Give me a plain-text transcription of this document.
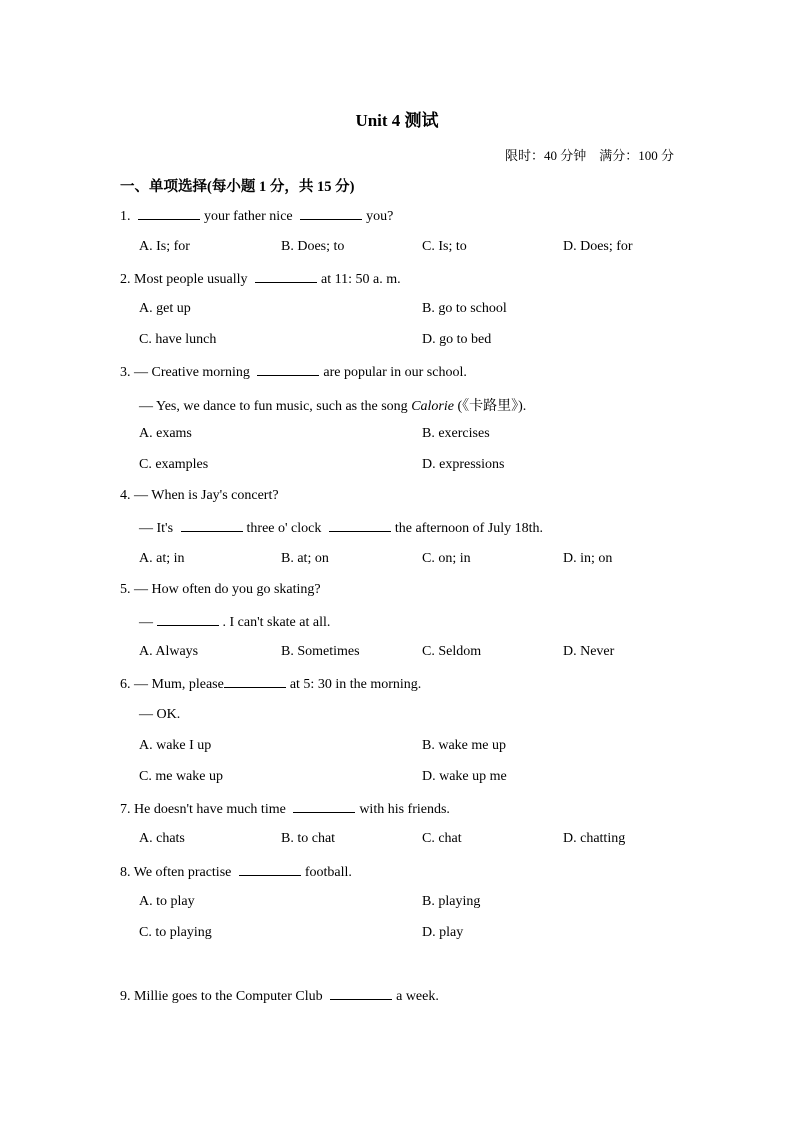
Unit 4 测试
限时：40 分钟 满分：100 分
一、单项选择(每小题 1 分，共 15 分)
1.	your father nice	you?
A. Is; for	B. Does; to	C. Is; to	D. Does; for
2. Most people usually	at 11: 50 a. m.
A. get up	B. go to school
C. have lunch	D. go to bed
3. — Creative morning	are popular in our school.
— Yes, we dance to fun music, such as the song Calorie (《卡路里》).
A. exams	B. exercises
C. examples	D. expressions
4. — When is Jay's concert?
— It's	three o' clock	the afternoon of July 18th.
A. at; in	B. at; on	C. on; in	D. in; on
5. — How often do you go skating?
—	. I can't skate at all.
A. Always	B. Sometimes	C. Seldom	D. Never
6. — Mum, please	at 5: 30 in the morning.
— OK.
A. wake I up	B. wake me up
C. me wake up	D. wake up me
7. He doesn't have much time	with his friends.
A. chats	B. to chat	C. chat	D. chatting
8. We often practise	football.
A. to play	B. playing
C. to playing	D. play
9. Millie goes to the Computer Club	a week.
